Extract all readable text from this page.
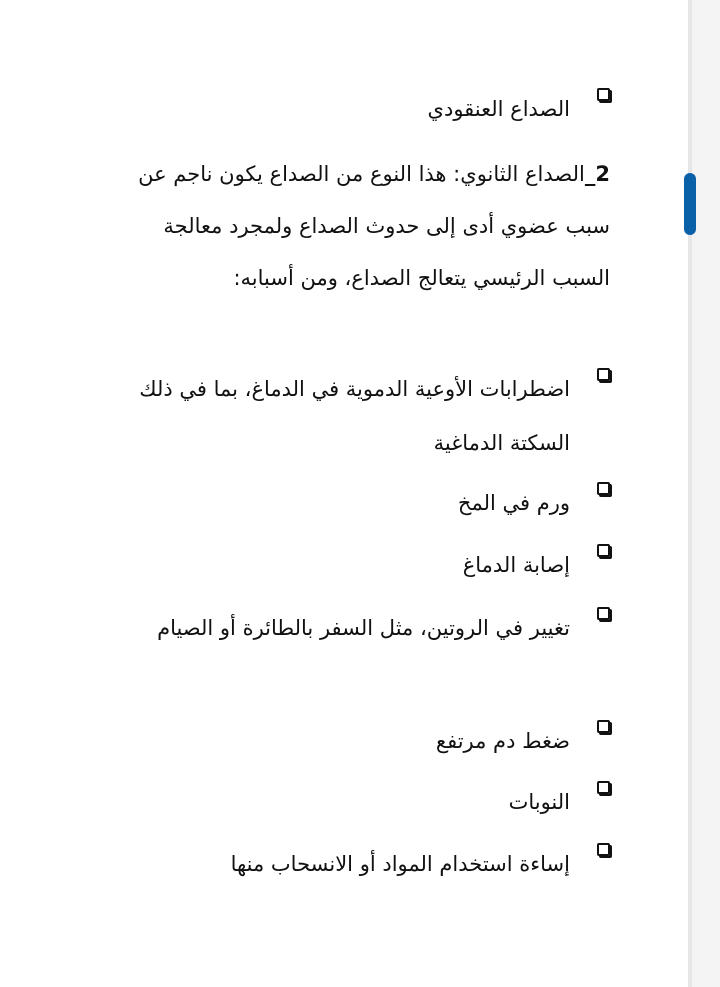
الصداع العنقودي
2_الصداع الثانوي: هذا النوع من الصداع يكون ناجم عن سبب عضوي أدى إلى حدوث الصداع ولمجرد معالجة السبب الرئيسي يتعالج الصداع، ومن أسبابه:
اضطرابات الأوعية الدموية في الدماغ، بما في ذلك السكتة الدماغية
ورم في المخ
إصابة الدماغ
تغيير في الروتين، مثل السفر بالطائرة أو الصيام
ضغط دم مرتفع
النوبات
إساءة استخدام المواد أو الانسحاب منها
